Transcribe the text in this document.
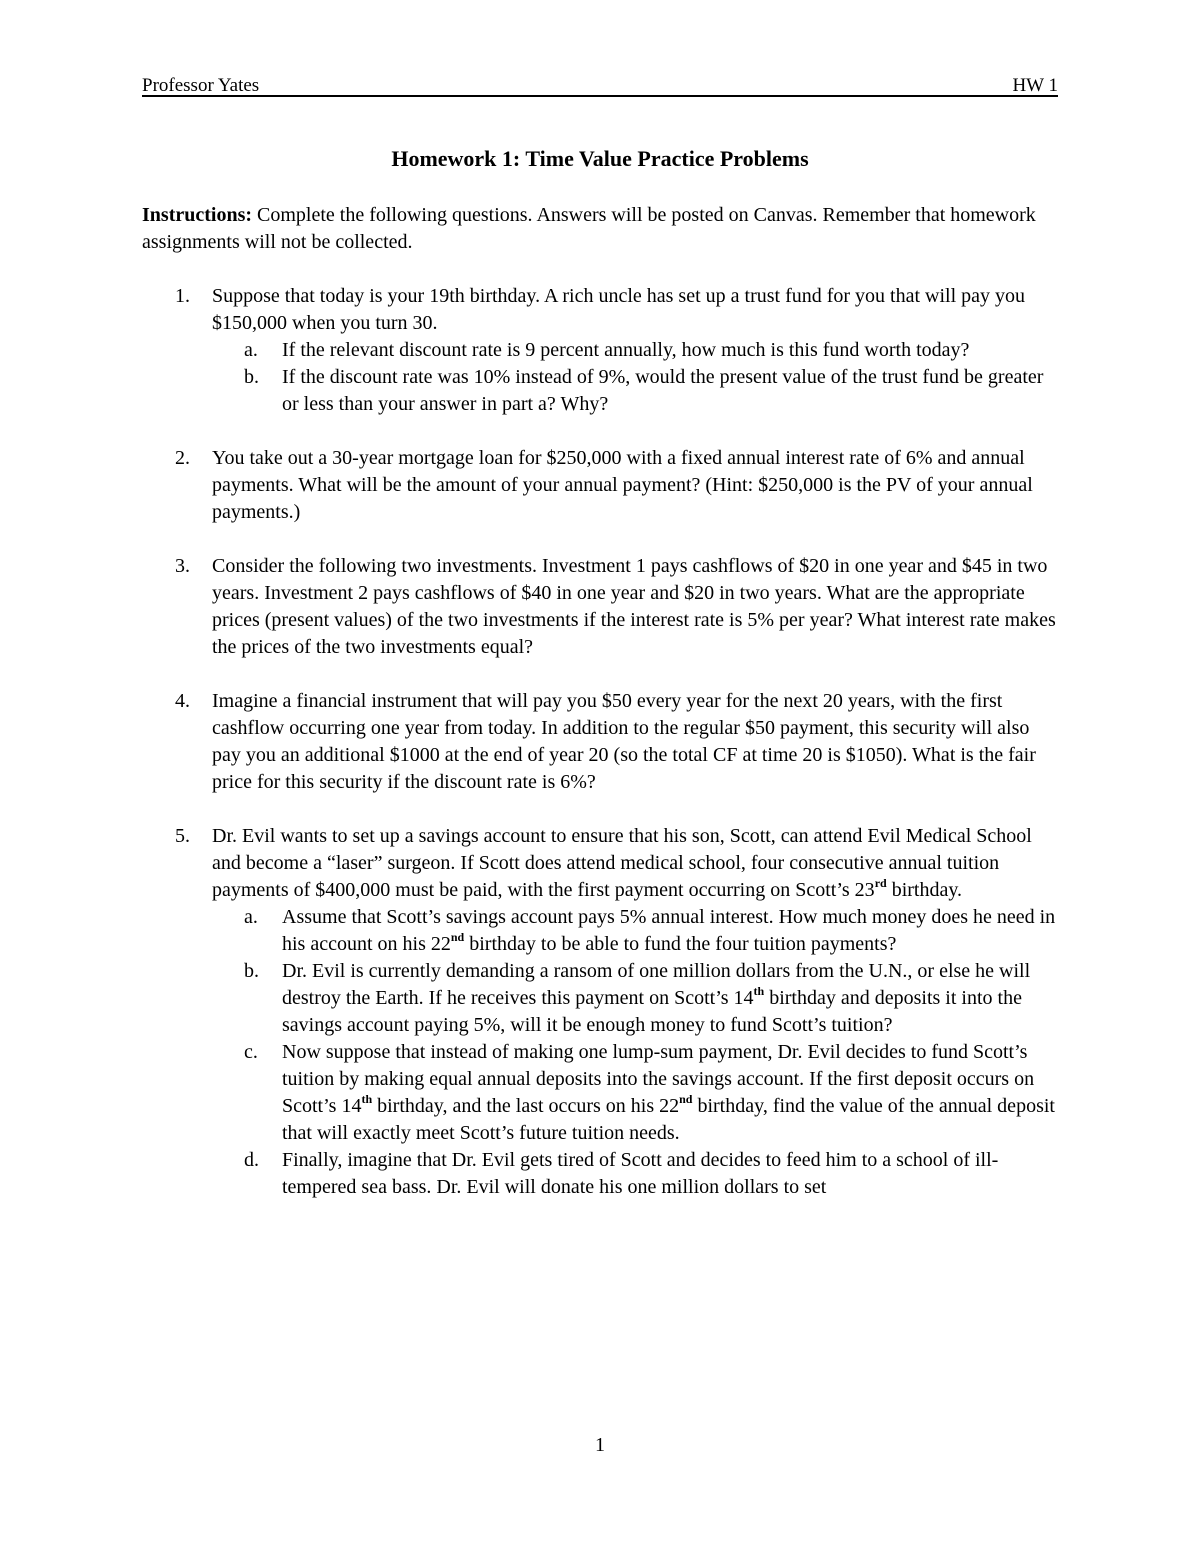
Professor Yates	HW 1
Homework 1: Time Value Practice Problems
Instructions: Complete the following questions. Answers will be posted on Canvas. Remember that homework assignments will not be collected.
1. Suppose that today is your 19th birthday. A rich uncle has set up a trust fund for you that will pay you $150,000 when you turn 30.
a. If the relevant discount rate is 9 percent annually, how much is this fund worth today?
b. If the discount rate was 10% instead of 9%, would the present value of the trust fund be greater or less than your answer in part a? Why?
2. You take out a 30-year mortgage loan for $250,000 with a fixed annual interest rate of 6% and annual payments. What will be the amount of your annual payment? (Hint: $250,000 is the PV of your annual payments.)
3. Consider the following two investments. Investment 1 pays cashflows of $20 in one year and $45 in two years. Investment 2 pays cashflows of $40 in one year and $20 in two years. What are the appropriate prices (present values) of the two investments if the interest rate is 5% per year? What interest rate makes the prices of the two investments equal?
4. Imagine a financial instrument that will pay you $50 every year for the next 20 years, with the first cashflow occurring one year from today. In addition to the regular $50 payment, this security will also pay you an additional $1000 at the end of year 20 (so the total CF at time 20 is $1050). What is the fair price for this security if the discount rate is 6%?
5. Dr. Evil wants to set up a savings account to ensure that his son, Scott, can attend Evil Medical School and become a “laser” surgeon. If Scott does attend medical school, four consecutive annual tuition payments of $400,000 must be paid, with the first payment occurring on Scott’s 23rd birthday.
a. Assume that Scott’s savings account pays 5% annual interest. How much money does he need in his account on his 22nd birthday to be able to fund the four tuition payments?
b. Dr. Evil is currently demanding a ransom of one million dollars from the U.N., or else he will destroy the Earth. If he receives this payment on Scott’s 14th birthday and deposits it into the savings account paying 5%, will it be enough money to fund Scott’s tuition?
c. Now suppose that instead of making one lump-sum payment, Dr. Evil decides to fund Scott’s tuition by making equal annual deposits into the savings account. If the first deposit occurs on Scott’s 14th birthday, and the last occurs on his 22nd birthday, find the value of the annual deposit that will exactly meet Scott’s future tuition needs.
d. Finally, imagine that Dr. Evil gets tired of Scott and decides to feed him to a school of ill-tempered sea bass. Dr. Evil will donate his one million dollars to set
1
